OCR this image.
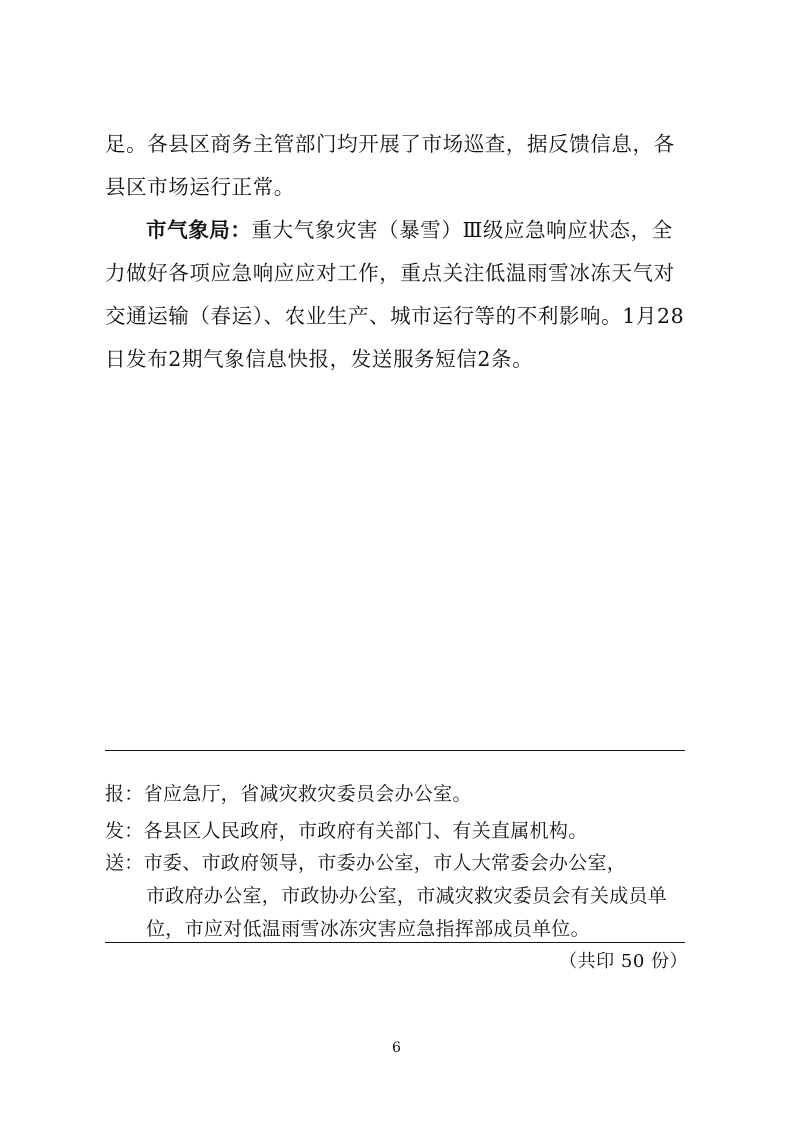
足。各县区商务主管部门均开展了市场巡查，据反馈信息，各县区市场运行正常。

市气象局：重大气象灾害（暴雪）Ⅲ级应急响应状态，全力做好各项应急响应应对工作，重点关注低温雨雪冰冻天气对交通运输（春运）、农业生产、城市运行等的不利影响。1月28日发布2期气象信息快报，发送服务短信2条。

报：省应急厅，省减灾救灾委员会办公室。
发：各县区人民政府，市政府有关部门、有关直属机构。
送：市委、市政府领导，市委办公室，市人大常委会办公室，
市政府办公室，市政协办公室，市减灾救灾委员会有关成员单
位，市应对低温雨雪冰冻灾害应急指挥部成员单位。
（共印 50 份）
6
